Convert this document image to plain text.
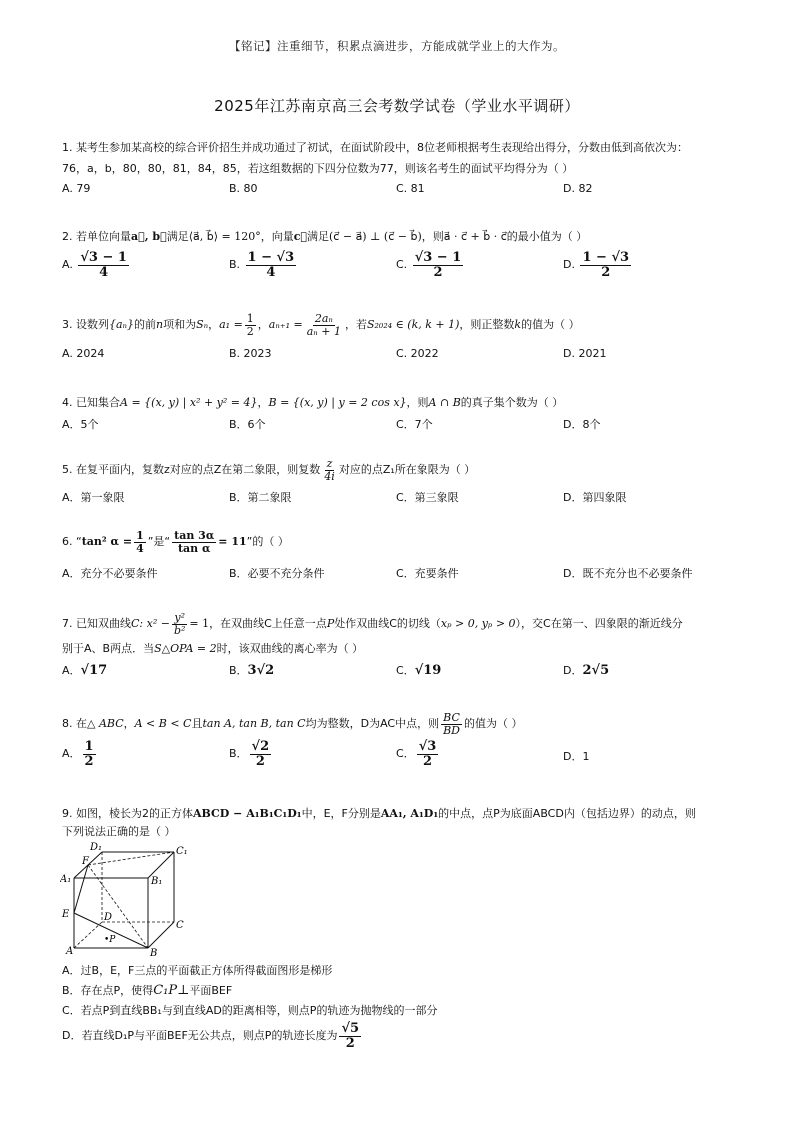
【铭记】注重细节，积累点滴进步，方能成就学业上的大作为。
2025年江苏南京高三会考数学试卷（学业水平调研）
1. 某考生参加某高校的综合评价招生并成功通过了初试，在面试阶段中，8位老师根据考生表现给出得分，分数由低到高依次为：
76，a，b，80，80，81，84，85，若这组数据的下四分位数为77，则该名考生的面试平均得分为（ ）
A. 79	B. 80	C. 81	D. 82
2. 若单位向量a⃗, b⃗满足⟨a⃗, b⃗⟩ = 120°，向量c⃗满足(c⃗ − a⃗) ⊥ (c⃗ − b⃗)，则a⃗ · c⃗ + b⃗ · c⃗的最小值为（ ）
A. $\frac{√3 - 1}{4}$	B. $\frac{1 - √3}{4}$	C. $\frac{√3 - 1}{2}$	D. $\frac{1 - √3}{2}$
3. 设数列{aₙ}的前n项和为Sₙ，$a_1 = \frac{1}{2}$ ，$a_{n+1} = \frac{\text{2aₙ}}{\text{aₙ + 1}}$ ，若S₂₀₂₄ ∈ (k, k + 1)，则正整数k的值为（ ）
A. 2024	B. 2023	C. 2022	D. 2021
4. 已知集合A = {(x, y) | x² + y² = 4}，B = {(x, y) | y = 2 cos x}，则A ∩ B的真子集个数为（ ）
A．5个	B．6个	C．7个	D．8个
5. 在复平面内，复数z对应的点Z在第二象限，则复数 $\frac{z}{4i}$ 对应的点Z₁所在象限为（ ）
A．第一象限	B．第二象限	C．第三象限	D．第四象限
6. “tan² $\alpha = \frac{1}{4}$ ”是“ $\frac{\tan 3\alpha}{\text{tan α}} = 11$”的（ ）
A．充分不必要条件	B．必要不充分条件	C．充要条件	D．既不充分也不必要条件
7. 已知双曲线C: $x^2 - \frac{\text{y²}}{\text{b²}} = 1$，在双曲线C上任意一点P处作双曲线C的切线（xₚ > 0, yₚ > 0），交C在第一、四象限的渐近线分
别于A、B两点．当S△OPA = 2时，该双曲线的离心率为（ ）
A．√17	B．3√2	C．√19	D．2√5
8. 在△ ABC，A < B < C且tan A, tan B, tan C均为整数，D为AC中点，则 $\frac{BC}{BD}$ 的值为（ ）
A． $\frac{1}{2}$	B． $\frac{√2}{2}$	C． $\frac{√3}{2}$	D．1
9. 如图，棱长为2的正方体ABCD − A₁B₁C₁D₁中，E，F分别是AA₁, A₁D₁的中点，点P为底面ABCD内（包括边界）的动点，则
下列说法正确的是（ ）
D₁	C₁
F
A₁	B₁
E	D
C
•P
A	B
A．过B，E，F三点的平面截正方体所得截面图形是梯形
B．存在点P，使得C₁P⊥平面BEF
C．若点P到直线BB₁与到直线AD的距离相等，则点P的轨迹为抛物线的一部分
D．若直线D₁P与平面BEF无公共点，则点P的轨迹长度为 $\frac{√5}{2}$
